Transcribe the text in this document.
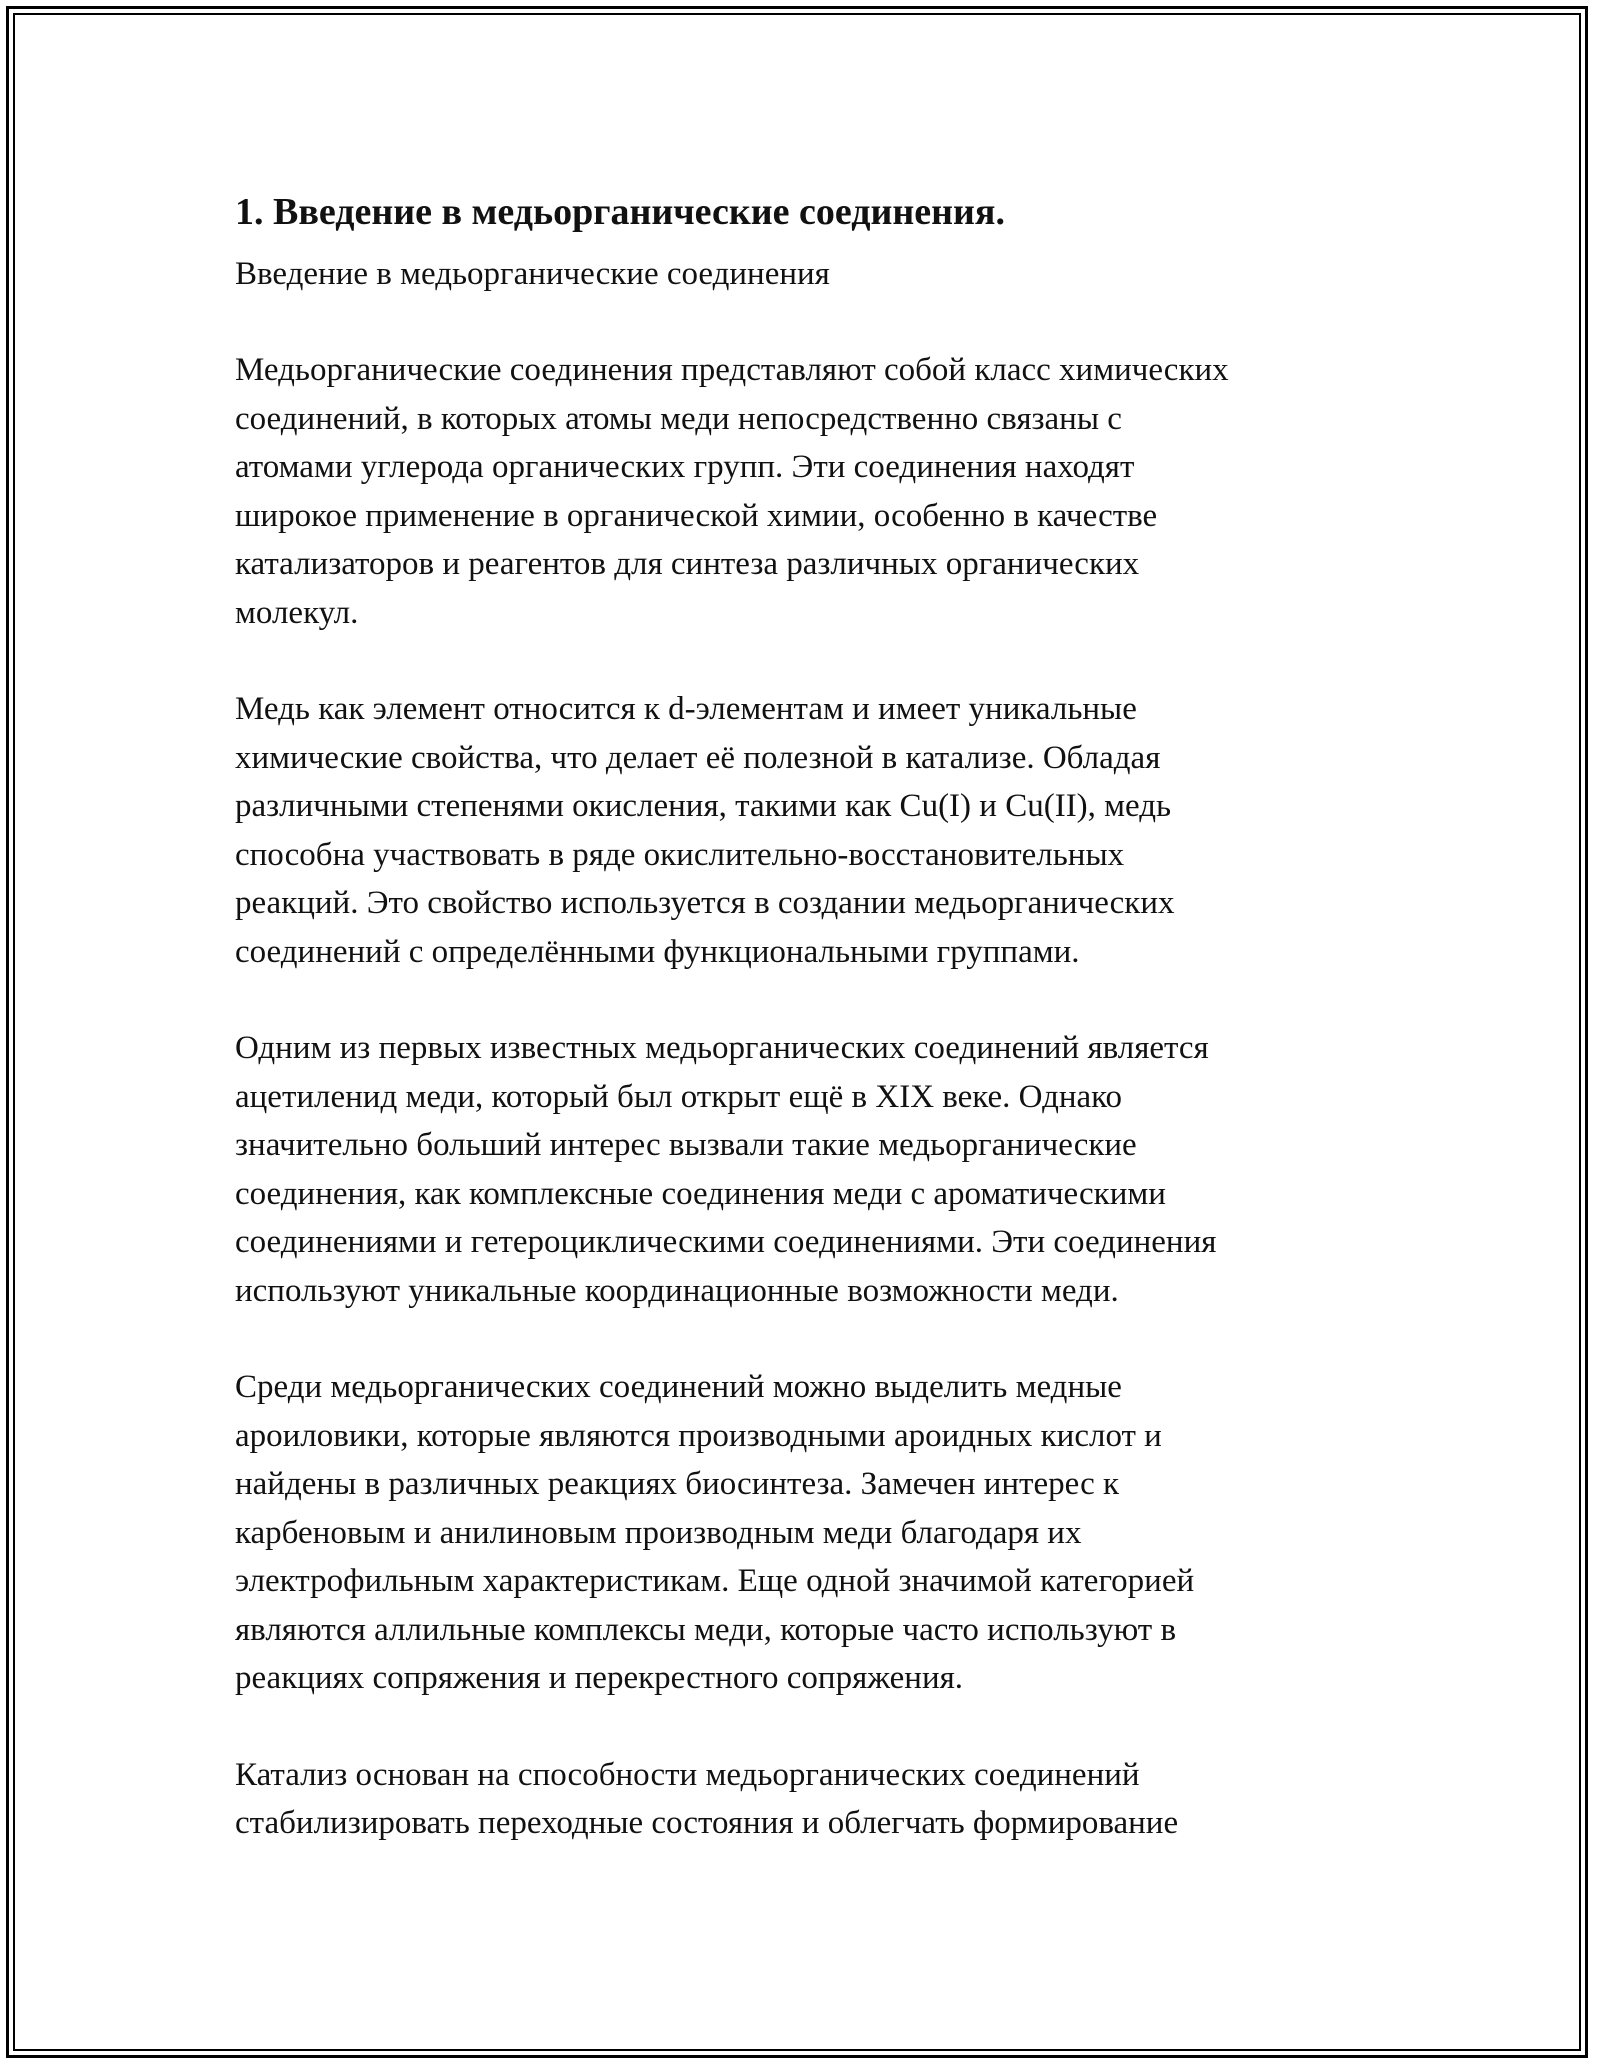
1. Введение в медьорганические соединения.
Введение в медьорганические соединения
Медьорганические соединения представляют собой класс химических
соединений, в которых атомы меди непосредственно связаны с
атомами углерода органических групп. Эти соединения находят
широкое применение в органической химии, особенно в качестве
катализаторов и реагентов для синтеза различных органических
молекул.
Медь как элемент относится к d-элементам и имеет уникальные
химические свойства, что делает её полезной в катализе. Обладая
различными степенями окисления, такими как Cu(I) и Cu(II), медь
способна участвовать в ряде окислительно-восстановительных
реакций. Это свойство используется в создании медьорганических
соединений с определёнными функциональными группами.
Одним из первых известных медьорганических соединений является
ацетиленид меди, который был открыт ещё в XIX веке. Однако
значительно больший интерес вызвали такие медьорганические
соединения, как комплексные соединения меди с ароматическими
соединениями и гетероциклическими соединениями. Эти соединения
используют уникальные координационные возможности меди.
Среди медьорганических соединений можно выделить медные
ароиловики, которые являются производными ароидных кислот и
найдены в различных реакциях биосинтеза. Замечен интерес к
карбеновым и анилиновым производным меди благодаря их
электрофильным характеристикам. Еще одной значимой категорией
являются аллильные комплексы меди, которые часто используют в
реакциях сопряжения и перекрестного сопряжения.
Катализ основан на способности медьорганических соединений
стабилизировать переходные состояния и облегчать формирование
